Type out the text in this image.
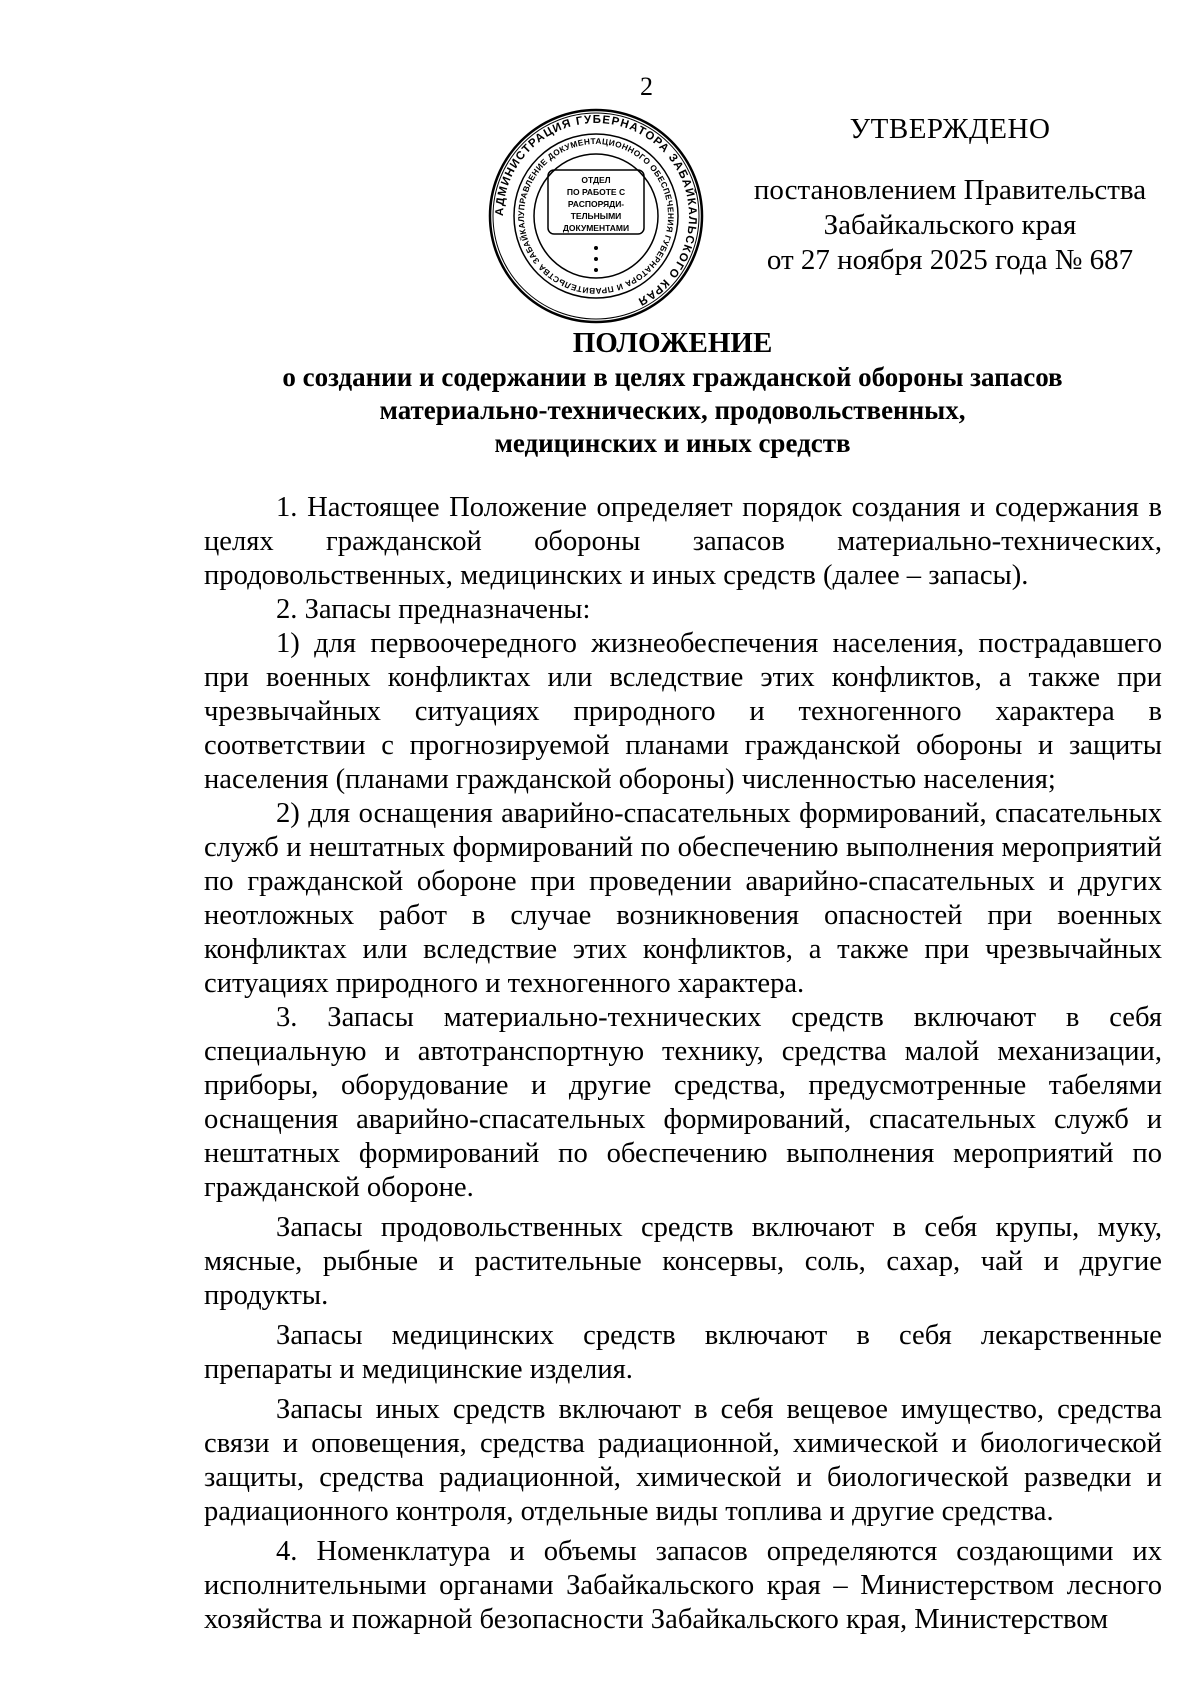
2
АДМИНИСТРАЦИЯ ГУБЕРНАТОРА ЗАБАЙКАЛЬСКОГО КРАЯ
УПРАВЛЕНИЕ ДОКУМЕНТАЦИОННОГО ОБЕСПЕЧЕНИЯ ГУБЕРНАТОРА И ПРАВИТЕЛЬСТВА ЗАБАЙКАЛ
ОТДЕЛ
ПО РАБОТЕ С
РАСПОРЯДИ-
ТЕЛЬНЫМИ
ДОКУМЕНТАМИ
УТВЕРЖДЕНО
постановлением Правительства
Забайкальского края
от 27 ноября 2025 года № 687
ПОЛОЖЕНИЕ
о создании и содержании в целях гражданской обороны запасов
материально-технических, продовольственных,
медицинских и иных средств

1. Настоящее Положение определяет порядок создания и содержания в целях гражданской обороны запасов материально-технических, продовольственных, медицинских и иных средств (далее – запасы).

2. Запасы предназначены:

1) для первоочередного жизнеобеспечения населения, пострадавшего при военных конфликтах или вследствие этих конфликтов, а также при чрезвычайных ситуациях природного и техногенного характера в соответствии с прогнозируемой планами гражданской обороны и защиты населения (планами гражданской обороны) численностью населения;

2) для оснащения аварийно-спасательных формирований, спасательных служб и нештатных формирований по обеспечению выполнения мероприятий по гражданской обороне при проведении аварийно-спасательных и других неотложных работ в случае возникновения опасностей при военных конфликтах или вследствие этих конфликтов, а также при чрезвычайных ситуациях природного и техногенного характера.

3. Запасы материально-технических средств включают в себя специальную и автотранспортную технику, средства малой механизации, приборы, оборудование и другие средства, предусмотренные табелями оснащения аварийно-спасательных формирований, спасательных служб и нештатных формирований по обеспечению выполнения мероприятий по гражданской обороне.

Запасы продовольственных средств включают в себя крупы, муку, мясные, рыбные и растительные консервы, соль, сахар, чай и другие продукты.

Запасы медицинских средств включают в себя лекарственные препараты и медицинские изделия.

Запасы иных средств включают в себя вещевое имущество, средства связи и оповещения, средства радиационной, химической и биологической защиты, средства радиационной, химической и биологической разведки и радиационного контроля, отдельные виды топлива и другие средства.

4. Номенклатура и объемы запасов определяются создающими их исполнительными органами Забайкальского края – Министерством лесного хозяйства и пожарной безопасности Забайкальского края, Министерством
